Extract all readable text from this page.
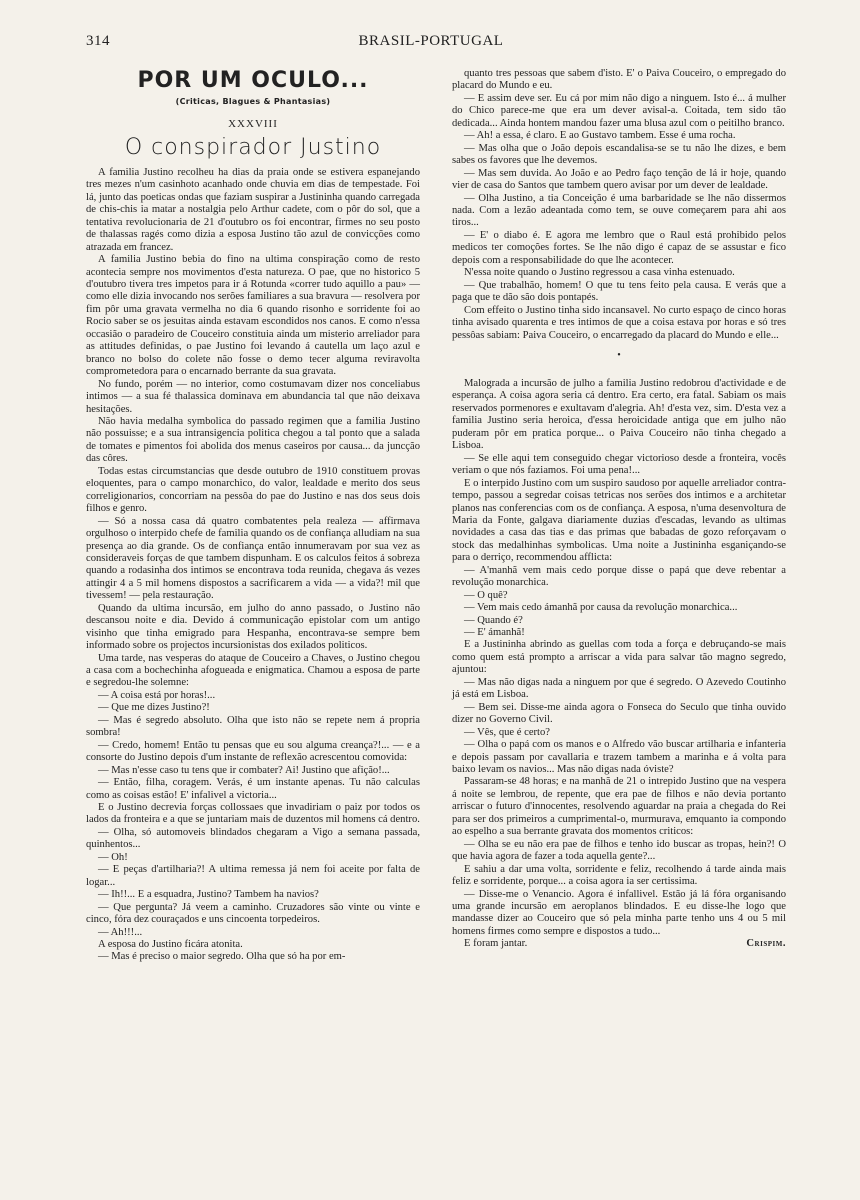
314	BRASIL-PORTUGAL
POR UM OCULO...
(Criticas, Blagues & Phantasias)
XXXVIII
O conspirador Justino

A familia Justino recolheu ha dias da praia onde se estivera espanejando tres mezes n'um casinhoto acanhado onde chuvia em dias de tempestade. Foi lá, junto das poeticas ondas que faziam suspirar a Justininha quando carregada de chis-chis ia matar a nostalgia pelo Arthur cadete, com o pôr do sol, que a tentativa revolucionaria de 21 d'outubro os foi encontrar, firmes no seu posto de thalassas ragés como dizia a esposa Justino tão azul de convicções como atrazada em francez.

A familia Justino bebia do fino na ultima conspiração como de resto acontecia sempre nos movimentos d'esta natureza. O pae, que no historico 5 d'outubro tivera tres impetos para ir á Rotunda «correr tudo aquillo a pau» — como elle dizia invocando nos serões familiares a sua bravura — resolvera por fim pôr uma gravata vermelha no dia 6 quando risonho e sorridente foi ao Rocio saber se os jesuitas ainda estavam escondidos nos canos. E como n'essa occasião o paradeiro de Couceiro constituia ainda um misterio arreliador para as attitudes definidas, o pae Justino foi levando á cautella um laço azul e branco no bolso do colete não fosse o demo tecer alguma reviravolta comprometedora para o encarnado berrante da sua gravata.

No fundo, porém — no interior, como costumavam dizer nos conceliabus intimos — a sua fé thalassica dominava em abundancia tal que não deixava hesitações.

Não havia medalha symbolica do passado regimen que a familia Justino não possuisse; e a sua intransigencia politica chegou a tal ponto que a salada de tomates e pimentos foi abolida dos menus caseiros por causa... da juncção das côres.

Todas estas circumstancias que desde outubro de 1910 constituem provas eloquentes, para o campo monarchico, do valor, lealdade e merito dos seus correligionarios, concorriam na pessôa do pae do Justino e nas dos seus dois filhos e genro.

— Só a nossa casa dá quatro combatentes pela realeza — affirmava orgulhoso o interpido chefe de familia quando os de confiança alludiam na sua presença ao dia grande. Os de confiança então innumeravam por sua vez as consideraveis forças de que tambem dispunham. E os calculos feitos á sobreza quando a rodasinha dos intimos se encontrava toda reunida, chegava ás vezes attingir 4 a 5 mil homens dispostos a sacrificarem a vida — a vida?! mil que tivessem! — pela restauração.

Quando da ultima incursão, em julho do anno passado, o Justino não descansou noite e dia. Devido á communicação epistolar com um antigo visinho que tinha emigrado para Hespanha, encontrava-se sempre bem informado sobre os projectos incursionistas dos exilados politicos.

Uma tarde, nas vesperas do ataque de Couceiro a Chaves, o Justino chegou a casa com a bochechinha afogueada e enigmatica. Chamou a esposa de parte e segredou-lhe solemne:

— A coisa está por horas!...

— Que me dizes Justino?!

— Mas é segredo absoluto. Olha que isto não se repete nem á propria sombra!

— Credo, homem! Então tu pensas que eu sou alguma creança?!... — e a consorte do Justino depois d'um instante de reflexão acrescentou comovida:

— Mas n'esse caso tu tens que ir combater? Ai! Justino que afição!...

— Então, filha, coragem. Verás, é um instante apenas. Tu não calculas como as coisas estão! E' infalivel a victoria...

E o Justino decrevia forças collossaes que invadiriam o paiz por todos os lados da fronteira e a que se juntariam mais de duzentos mil homens cá dentro.

— Olha, só automoveis blindados chegaram a Vigo a semana passada, quinhentos...

— Oh!

— E peças d'artilharia?! A ultima remessa já nem foi aceite por falta de logar...

— Ih!!... E a esquadra, Justino? Tambem ha navios?

— Que pergunta? Já veem a caminho. Cruzadores são vinte ou vinte e cinco, fóra dez couraçados e uns cincoenta torpedeiros.

— Ah!!!...

A esposa do Justino ficára atonita.

— Mas é preciso o maior segredo. Olha que só ha por em-

quanto tres pessoas que sabem d'isto. E' o Paiva Couceiro, o empregado do placard do Mundo e eu.

— E assim deve ser. Eu cá por mim não digo a ninguem. Isto é... á mulher do Chico parece-me que era um dever avisal-a. Coitada, tem sido tão dedicada... Ainda hontem mandou fazer uma blusa azul com o peitilho branco.

— Ah! a essa, é claro. E ao Gustavo tambem. Esse é uma rocha.

— Mas olha que o João depois escandalisa-se se tu não lhe dizes, e bem sabes os favores que lhe devemos.

— Mas sem duvida. Ao João e ao Pedro faço tenção de lá ir hoje, quando vier de casa do Santos que tambem quero avisar por um dever de lealdade.

— Olha Justino, a tia Conceição é uma barbaridade se lhe não dissermos nada. Com a lezão adeantada como tem, se ouve começarem para ahi aos tiros...

— E' o diabo é. E agora me lembro que o Raul está prohibido pelos medicos ter comoções fortes. Se lhe não digo é capaz de se assustar e fico depois com a responsabilidade do que lhe acontecer.

N'essa noite quando o Justino regressou a casa vinha estenuado.

— Que trabalhão, homem! O que tu tens feito pela causa. E verás que a paga que te dão são dois pontapés.

Com effeito o Justino tinha sido incansavel. No curto espaço de cinco horas tinha avisado quarenta e tres intimos de que a coisa estava por horas e só tres pessôas sabiam: Paiva Couceiro, o encarregado da placard do Mundo e elle...

•

Malograda a incursão de julho a familia Justino redobrou d'actividade e de esperança. A coisa agora seria cá dentro. Era certo, era fatal. Sabiam os mais reservados pormenores e exultavam d'alegria. Ah! d'esta vez, sim. D'esta vez a familia Justino seria heroica, d'essa heroicidade antiga que em julho não puderam pôr em pratica porque... o Paiva Couceiro não tinha chegado a Lisboa.

— Se elle aqui tem conseguido chegar victorioso desde a fronteira, vocês veriam o que nós faziamos. Foi uma pena!...

E o interpido Justino com um suspiro saudoso por aquelle arreliador contra-tempo, passou a segredar coisas tetricas nos serões dos intimos e a architetar planos nas conferencias com os de confiança. A esposa, n'uma desenvoltura de Maria da Fonte, galgava diariamente duzias d'escadas, levando as ultimas novidades a casa das tias e das primas que babadas de gozo reforçavam o stock das medalhinhas symbolicas. Uma noite a Justininha esganiçando-se para o derriço, recommendou afflicta:

— A'manhã vem mais cedo porque disse o papá que deve rebentar a revolução monarchica.

— O quê?

— Vem mais cedo ámanhã por causa da revolução monarchica...

— Quando é?

— E' ámanhã!

E a Justininha abrindo as guellas com toda a força e debruçando-se mais como quem está prompto a arriscar a vida para salvar tão magno segredo, ajuntou:

— Mas não digas nada a ninguem por que é segredo. O Azevedo Coutinho já está em Lisboa.

— Bem sei. Disse-me ainda agora o Fonseca do Seculo que tinha ouvido dizer no Governo Civil.

— Vês, que é certo?

— Olha o papá com os manos e o Alfredo vão buscar artilharia e infanteria e depois passam por cavallaria e trazem tambem a marinha e á volta para baixo levam os navios... Mas não digas nada óviste?

Passaram-se 48 horas; e na manhã de 21 o intrepido Justino que na vespera á noite se lembrou, de repente, que era pae de filhos e não devia portanto arriscar o futuro d'innocentes, resolvendo aguardar na praia a chegada do Rei para ser dos primeiros a cumprimental-o, murmurava, emquanto ia compondo ao espelho a sua berrante gravata dos momentos criticos:

— Olha se eu não era pae de filhos e tenho ido buscar as tropas, hein?! O que havia agora de fazer a toda aquella gente?...

E sahiu a dar uma volta, sorridente e feliz, recolhendo á tarde ainda mais feliz e sorridente, porque... a coisa agora ia ser certissima.

— Disse-me o Venancio. Agora é infallivel. Estão já lá fóra organisando uma grande incursão em aeroplanos blindados. E eu disse-lhe logo que mandasse dizer ao Couceiro que só pela minha parte tenho uns 4 ou 5 mil homens firmes como sempre e dispostos a tudo...

E foram jantar.	Crispim.
